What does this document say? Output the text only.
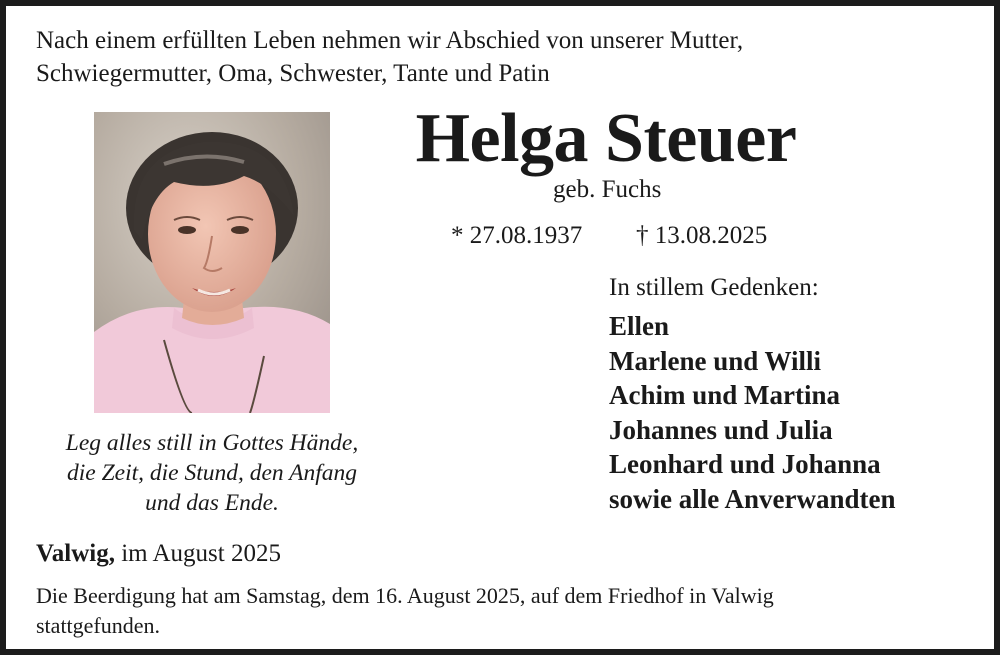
Nach einem erfüllten Leben nehmen wir Abschied von unserer Mutter,
Schwiegermutter, Oma, Schwester, Tante und Patin
Helga Steuer
geb. Fuchs
* 27.08.1937 † 13.08.2025
In stillem Gedenken:
Ellen
Marlene und Willi
Achim und Martina
Johannes und Julia
Leonhard und Johanna
sowie alle Anverwandten
Leg alles still in Gottes Hände,
die Zeit, die Stund, den Anfang
und das Ende.
Valwig, im August 2025
Die Beerdigung hat am Samstag, dem 16. August 2025, auf dem Friedhof in Valwig
stattgefunden.
